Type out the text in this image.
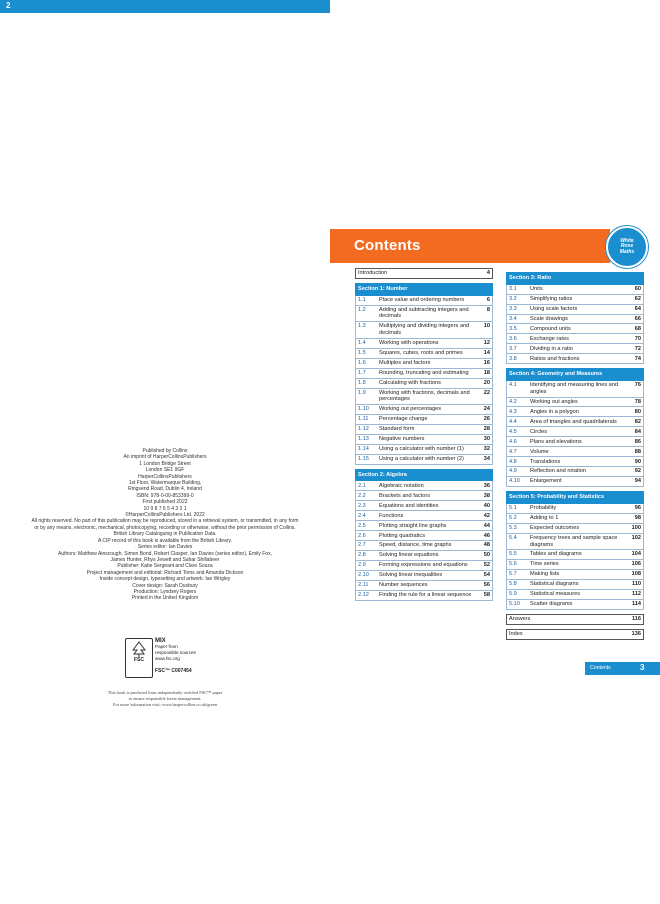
Published by Collins
An imprint of HarperCollinsPublishers
1 London Bridge Street
London SE1 9GF
HarperCollinsPublishers
1st Floor, Watermarque Building,
Ringsend Road, Dublin 4, Ireland
ISBN: 978-0-00-853399-0
First published 2022
10 9 8 7 6 5 4 3 2 1
©HarperCollinsPublishers Ltd. 2022
All rights reserved. No part of this publication may be reproduced, stored in a retrieval system, or transmitted, in any form
or by any means, electronic, mechanical, photocopying, recording or otherwise, without the prior permission of Collins.
British Library Cataloguing in Publication Data.
A CIP record of this book is available from the British Library.
Series editor: Ian Davies
Authors: Matthew Ainscough, Simon Bond, Robert Clasper, Ian Davies (series editor), Emily Fox,
James Hunter, Rhys Jewett and Sahar Shillabeer
Publisher: Katie Sergeant and Clare Souza
Project management and editorial: Richard Toms and Amanda Dickson
Inside concept design, typesetting and artwork: Ian Wrigley
Cover design: Sarah Duxbury
Production: Lyndsey Rogers
Printed in the United Kingdom
FSC
MIX
Paper from
responsible sources
www.fsc.org
FSC™ C007454
This book is produced from independently certified FSC™ paper
to ensure responsible forest management.
For more information visit: www.harpercollins.co.uk/green
2
Contents	White
Rose
Maths
Introduction		4

Section 1: Number		
1.1	Place value and ordering numbers	6
1.2	Adding and subtracting integers and decimals	8
1.3	Multiplying and dividing integers and decimals	10
1.4	Working with operations	12
1.5	Squares, cubes, roots and primes	14
1.6	Multiples and factors	16
1.7	Rounding, truncating and estimating	18
1.8	Calculating with fractions	20
1.9	Working with fractions, decimals and percentages	22
1.10	Working out percentages	24
1.11	Percentage change	26
1.12	Standard form	28
1.13	Negative numbers	30
1.14	Using a calculator with number (1)	32
1.15	Using a calculator with number (2)	34

Section 2: Algebra		
2.1	Algebraic notation	36
2.2	Brackets and factors	38
2.3	Equations and identities	40
2.4	Functions	42
2.5	Plotting straight line graphs	44
2.6	Plotting quadratics	46
2.7	Speed, distance, time graphs	48
2.8	Solving linear equations	50
2.9	Forming expressions and equations	52
2.10	Solving linear inequalities	54
2.11	Number sequences	56
2.12	Finding the rule for a linear sequence	58

Section 3: Ratio		
3.1	Units	60
3.2	Simplifying ratios	62
3.3	Using scale factors	64
3.4	Scale drawings	66
3.5	Compound units	68
3.6	Exchange rates	70
3.7	Dividing in a ratio	72
3.8	Ratios and fractions	74

Section 4: Geometry and Measures		
4.1	Identifying and measuring lines and angles	76
4.2	Working out angles	78
4.3	Angles in a polygon	80
4.4	Area of triangles and quadrilaterals	82
4.5	Circles	84
4.6	Plans and elevations	86
4.7	Volume	88
4.8	Translations	90
4.9	Reflection and rotation	92
4.10	Enlargement	94

Section 5: Probability and Statistics		
5.1	Probability	96
5.2	Adding to 1	98
5.3	Expected outcomes	100
5.4	Frequency trees and sample space diagrams	102
5.5	Tables and diagrams	104
5.6	Time series	106
5.7	Making lists	108
5.8	Statistical diagrams	110
5.9	Statistical measures	112
5.10	Scatter diagrams	114

Answers		116

Index		136
3
Contents
